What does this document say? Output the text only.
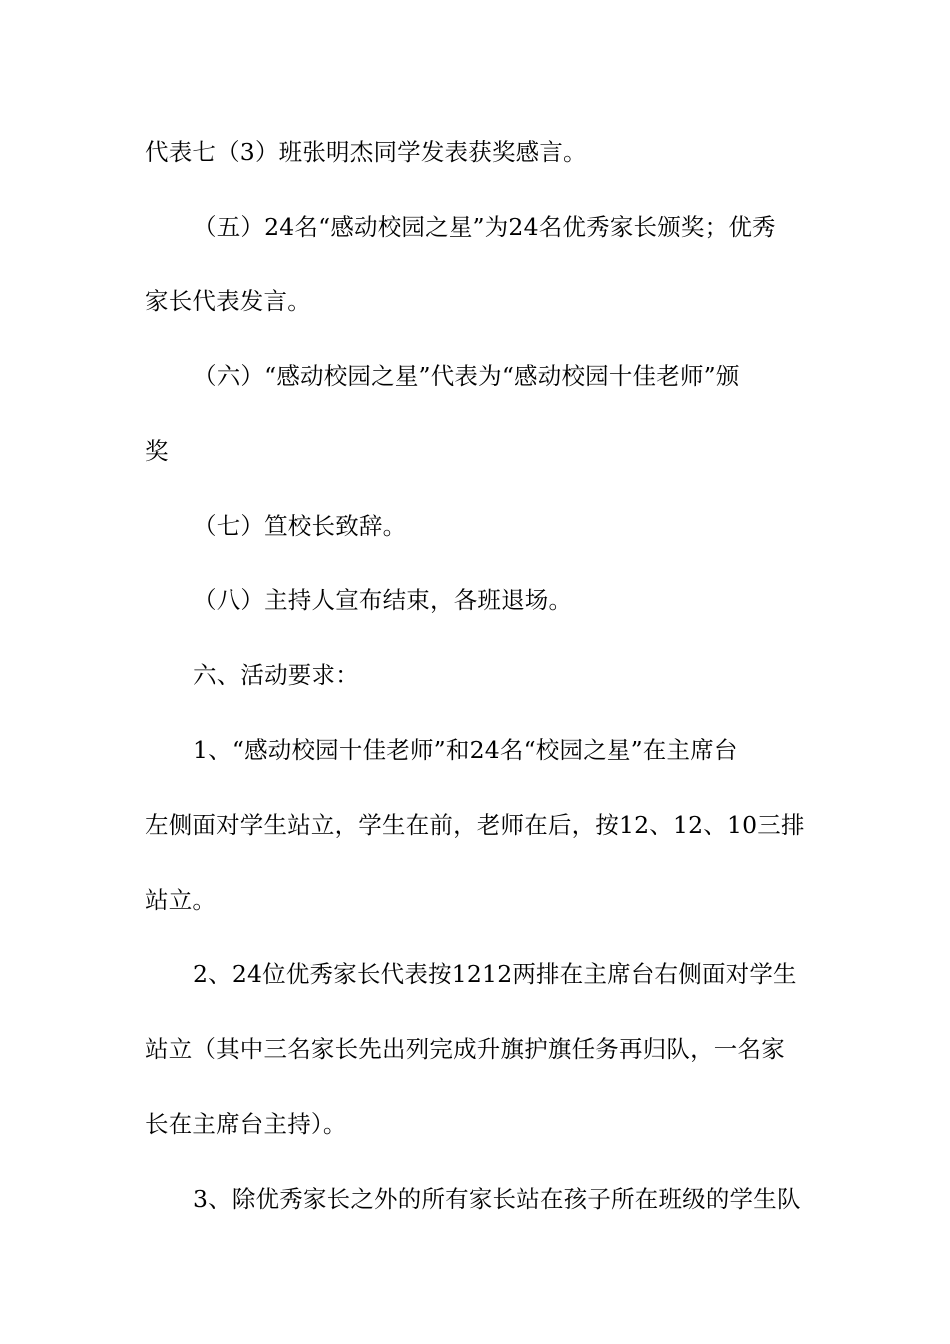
代表七（3）班张明杰同学发表获奖感言。
（五）24名“感动校园之星”为24名优秀家长颁奖；优秀
家长代表发言。
（六）“感动校园之星”代表为“感动校园十佳老师”颁
奖
（七）笪校长致辞。
（八）主持人宣布结束，各班退场。
六、活动要求：
1、“感动校园十佳老师”和24名“校园之星”在主席台
左侧面对学生站立，学生在前，老师在后，按12、12、10三排
站立。
2、24位优秀家长代表按1212两排在主席台右侧面对学生
站立（其中三名家长先出列完成升旗护旗任务再归队，一名家
长在主席台主持）。
3、除优秀家长之外的所有家长站在孩子所在班级的学生队
